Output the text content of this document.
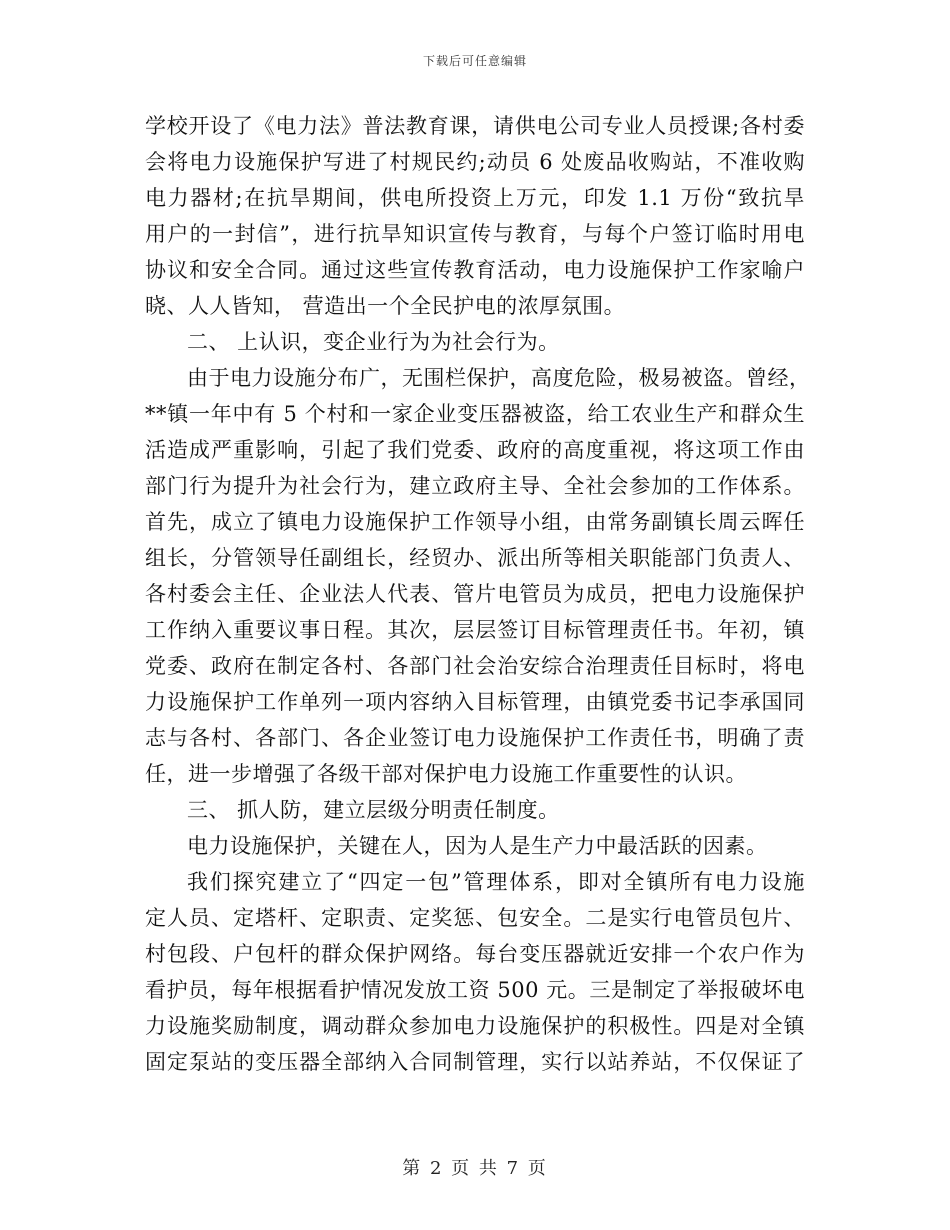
下载后可任意编辑
学校开设了《电力法》普法教育课，请供电公司专业人员授课;各村委
会将电力设施保护写进了村规民约;动员 6 处废品收购站，不准收购
电力器材;在抗旱期间，供电所投资上万元，印发 1.1 万份“致抗旱
用户的一封信”，进行抗旱知识宣传与教育，与每个户签订临时用电
协议和安全合同。通过这些宣传教育活动，电力设施保护工作家喻户
晓、人人皆知， 营造出一个全民护电的浓厚氛围。
二、 上认识，变企业行为为社会行为。
由于电力设施分布广，无围栏保护，高度危险，极易被盗。曾经，
**镇一年中有 5 个村和一家企业变压器被盗，给工农业生产和群众生
活造成严重影响，引起了我们党委、政府的高度重视，将这项工作由
部门行为提升为社会行为，建立政府主导、全社会参加的工作体系。
首先，成立了镇电力设施保护工作领导小组，由常务副镇长周云晖任
组长，分管领导任副组长，经贸办、派出所等相关职能部门负责人、
各村委会主任、企业法人代表、管片电管员为成员，把电力设施保护
工作纳入重要议事日程。其次，层层签订目标管理责任书。年初，镇
党委、政府在制定各村、各部门社会治安综合治理责任目标时，将电
力设施保护工作单列一项内容纳入目标管理，由镇党委书记李承国同
志与各村、各部门、各企业签订电力设施保护工作责任书，明确了责
任，进一步增强了各级干部对保护电力设施工作重要性的认识。
三、 抓人防，建立层级分明责任制度。
电力设施保护，关键在人，因为人是生产力中最活跃的因素。
我们探究建立了“四定一包”管理体系，即对全镇所有电力设施
定人员、定塔杆、定职责、定奖惩、包安全。二是实行电管员包片、
村包段、户包杆的群众保护网络。每台变压器就近安排一个农户作为
看护员，每年根据看护情况发放工资 500 元。三是制定了举报破坏电
力设施奖励制度，调动群众参加电力设施保护的积极性。四是对全镇
固定泵站的变压器全部纳入合同制管理，实行以站养站，不仅保证了
第 2 页 共 7 页
